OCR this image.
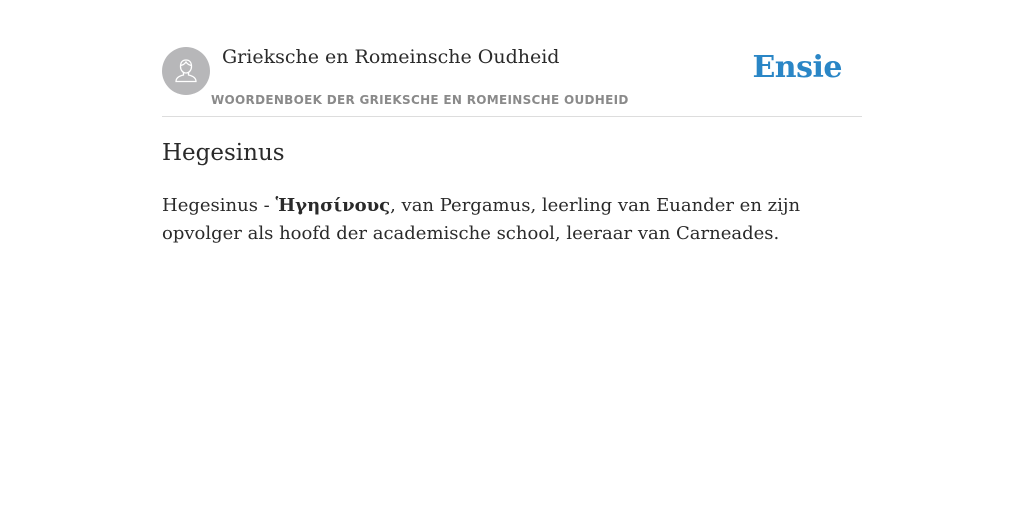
Grieksche en Romeinsche Oudheid
WOORDENBOEK DER GRIEKSCHE EN ROMEINSCHE OUDHEID
Ensie
Hegesinus

Hegesinus - Ἡγησίνους, van Pergamus, leerling van Euander en zijn opvolger als hoofd der academische school, leeraar van Carneades.
